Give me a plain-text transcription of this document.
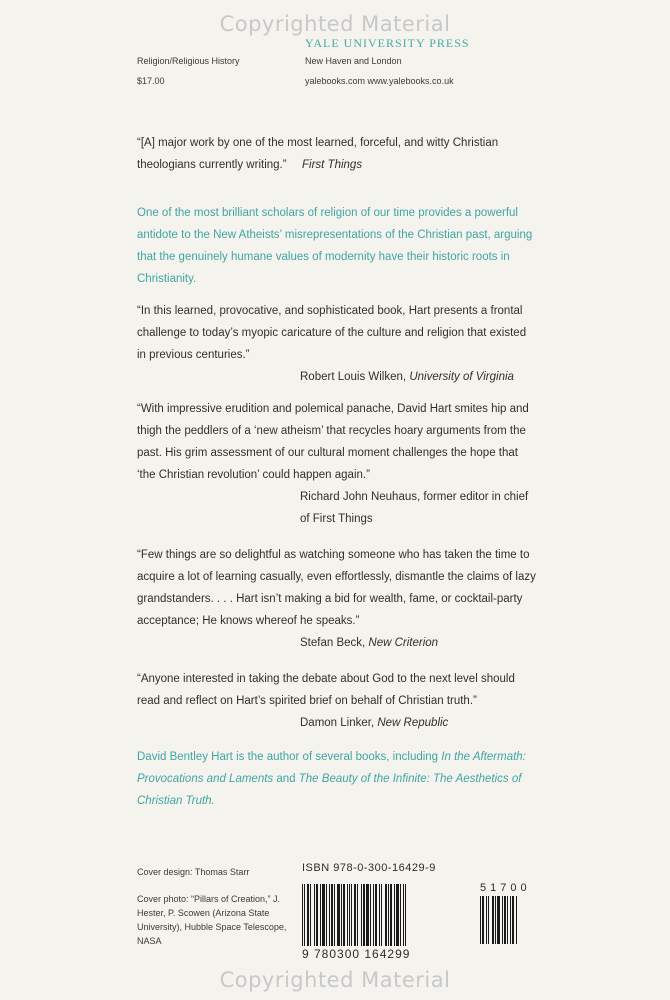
Copyrighted Material
Religion/Religious History
$17.00
YALE UNIVERSITY PRESS
New Haven and London
yalebooks.com www.yalebooks.co.uk
“[A] major work by one of the most learned, forceful, and witty Christian theologians currently writing.”	First Things
One of the most brilliant scholars of religion of our time provides a powerful antidote to the New Atheists’ misrepresentations of the Christian past, arguing that the genuinely humane values of modernity have their historic roots in Christianity.
“In this learned, provocative, and sophisticated book, Hart presents a frontal challenge to today’s myopic caricature of the culture and religion that existed in previous centuries.”
Robert Louis Wilken, University of Virginia
“With impressive erudition and polemical panache, David Hart smites hip and thigh the peddlers of a ‘new atheism’ that recycles hoary arguments from the past. His grim assessment of our cultural moment challenges the hope that ‘the Christian revolution’ could happen again.”
Richard John Neuhaus, former editor in chief
of First Things
“Few things are so delightful as watching someone who has taken the time to acquire a lot of learning casually, even effortlessly, dismantle the claims of lazy grandstanders. . . . Hart isn’t making a bid for wealth, fame, or cocktail-party acceptance; He knows whereof he speaks.”
Stefan Beck, New Criterion
“Anyone interested in taking the debate about God to the next level should read and reflect on Hart’s spirited brief on behalf of Christian truth.”
Damon Linker, New Republic
David Bentley Hart is the author of several books, including In the Aftermath: Provocations and Laments and The Beauty of the Infinite: The Aesthetics of Christian Truth.
Cover design: Thomas Starr
Cover photo: “Pillars of Creation,” J. Hester, P. Scowen (Arizona State University), Hubble Space Telescope, NASA
ISBN 978-0-300-16429-9
51700
9 780300 164299
Copyrighted Material
